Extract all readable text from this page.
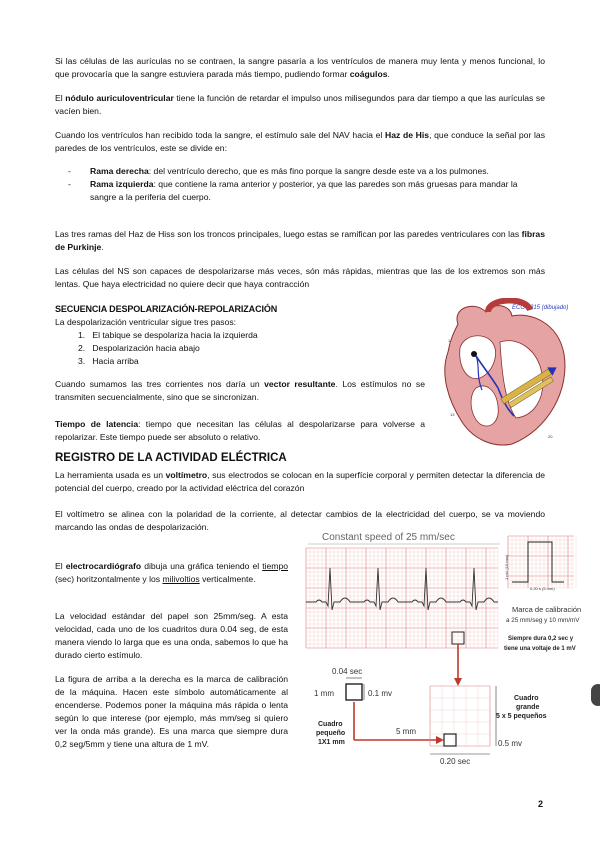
Si las células de las aurículas no se contraen, la sangre pasaría a los ventrículos de manera muy lenta y menos funcional, lo que provocaría que la sangre estuviera parada más tiempo, pudiendo formar coágulos.

El nódulo auriculoventricular tiene la función de retardar el impulso unos milisegundos para dar tiempo a que las aurículas se vacíen bien.

Cuando los ventrículos han recibido toda la sangre, el estímulo sale del NAV hacia el Haz de His, que conduce la señal por las paredes de los ventrículos, este se divide en:

- Rama derecha: del ventrículo derecho, que es más fino porque la sangre desde este va a los pulmones.
- Rama izquierda: que contiene la rama anterior y posterior, ya que las paredes son más gruesas para mandar la sangre a la periferia del cuerpo.

Las tres ramas del Haz de Hiss son los troncos principales, luego estas se ramifican por las paredes ventriculares con las fibras de Purkinje.

Las células del NS son capaces de despolarizarse más veces, són más rápidas, mientras que las de los extremos son más lentas. Que haya electricidad no quiere decir que haya contracción

SECUENCIA DESPOLARIZACIÓN-REPOLARIZACIÓN
La despolarización ventricular sigue tres pasos:
1. El tabique se despolariza hacia la izquierda
2. Despolarización hacia abajo
3. Hacia arriba

Cuando sumamos las tres corrientes nos daría un vector resultante. Los estímulos no se transmiten secuencialmente, sino que se sincronizan.

Tiempo de latencia: tiempo que necesitan las células al despolarizarse para volverse a repolarizar. Este tiempo puede ser absoluto o relativo.

ECG 1815 (dibujado)
1
13
20
REGISTRO DE LA ACTIVIDAD ELÉCTRICA

La herramienta usada es un voltímetro, sus electrodos se colocan en la superfície corporal y permiten detectar la diferencia de potencial del cuerpo, creado por la actividad eléctrica del corazón

El voltímetro se alinea con la polaridad de la corriente, al detectar cambios de la electricidad del cuerpo, se va moviendo marcando las ondas de despolarización.

El electrocardiógrafo dibuja una gráfica teniendo el tiempo (sec) horitzontalmente y los milivoltios verticalmente.

La velocidad estándar del papel son 25mm/seg. A esta velocidad, cada uno de los cuadritos dura 0.04 seg, de esta manera viendo lo larga que es una onda, sabemos lo que ha durado cierto estímulo.

La figura de arriba a la derecha es la marca de calibración de la máquina. Hacen este símbolo automáticamente al encenderse. Podemos poner la máquina más rápida o lenta según lo que interese (por ejemplo, más mm/seg si quiero ver la onda más grande). Es una marca que siempre dura 0,2 seg/5mm y tiene una altura de 1 mV.

Constant speed of 25 mm/sec
1 mV (10 mm)
0.20 s (5 mm)
Marca de calibración
a 25 mm/seg y 10 mm/mV
Siempre dura 0,2 sec y
tiene una voltaje de 1 mV
0.04 sec
1 mm	0.1 mv
Cuadro
pequeño
1X1 mm
5 mm
Cuadro
grande
5 x 5 pequeños
0.5 mv
0.20 sec
2
